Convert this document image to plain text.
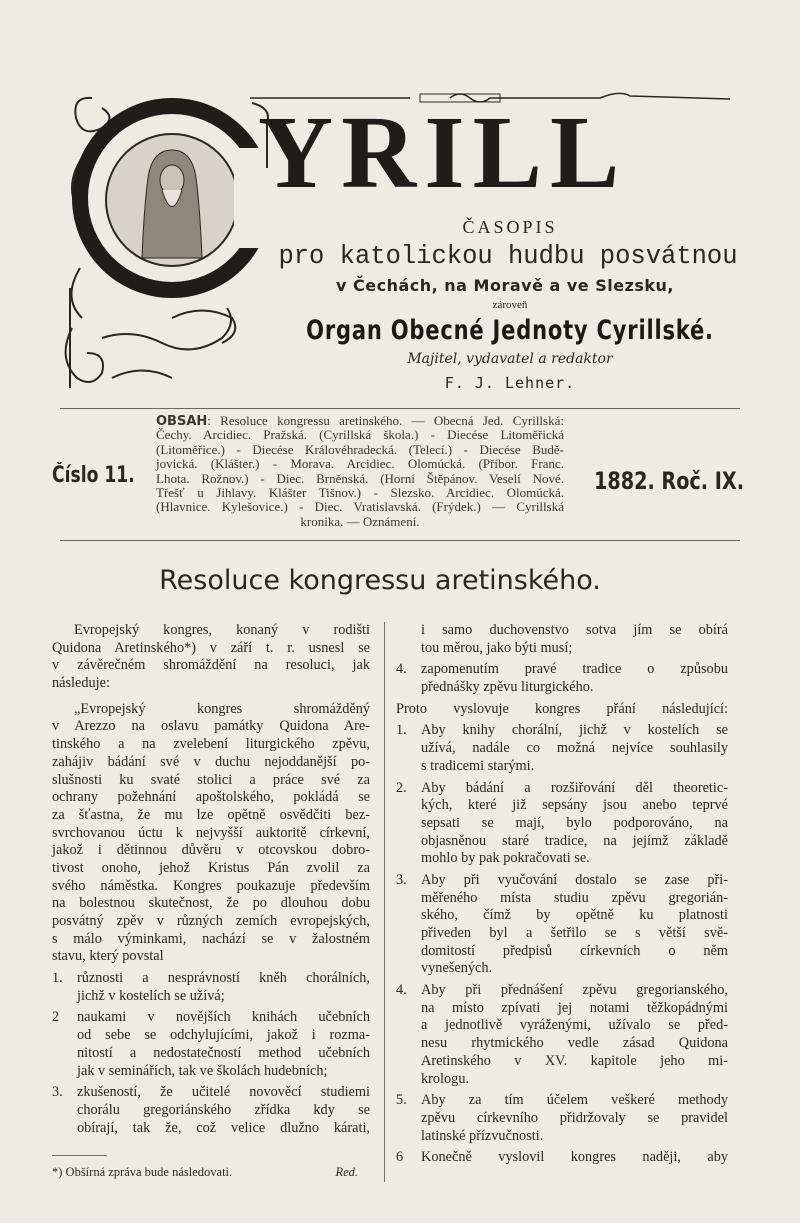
YRILL
ČASOPIS
pro katolickou hudbu posvátnou
v Čechách, na Moravě a ve Slezsku,
zároveň
Organ Obecné Jednoty Cyrillské.
Majitel, vydavatel a redaktor
F. J. Lehner.
Číslo 11.
OBSAH: Resoluce kongressu aretinského. — Obecná Jed. Cyrillská:
Čechy. Arcidiec. Pražská. (Cyrillská škola.) - Diecése Litoměřická
(Litoměřice.) - Diecése Královéhradecká. (Telecí.) - Diecése Budě-
jovická. (Klášter.) - Morava. Arcidiec. Olomúcká. (Příbor. Franc.
Lhota. Rožnov.) - Diec. Brněnská. (Horní Štěpánov. Veselí Nové.
Třešť u Jihlavy. Klášter Tišnov.) - Slezsko. Arcidiec. Olomúcká.
(Hlavnice. Kylešovice.) - Diec. Vratislavská. (Frýdek.) — Cyrillská
kronika. — Oznámení.
1882. Roč. IX.
Resoluce kongressu aretinského.
Evropejský kongres, konaný v rodišti
Quidona Aretinského*) v září t. r. usnesl se
v závěrečném shromáždění na resoluci, jak
následuje:
„Evropejský kongres shromážděný
v Arezzo na oslavu památky Quidona Are-
tinského a na zvelebení liturgického zpěvu,
zahájiv bádání své v duchu nejoddanější po-
slušnosti ku svaté stolici a práce své za
ochrany požehnání apoštolského, pokládá se
za šťastna, že mu lze opětně osvědčiti bez-
svrchovanou úctu k nejvyšší auktoritě církevní,
jakož i dětinnou důvěru v otcovskou dobro-
tivost onoho, jehož Kristus Pán zvolil za
svého náměstka. Kongres poukazuje především
na bolestnou skutečnost, že po dlouhou dobu
posvátný zpěv v různých zemích evropejských,
s málo výminkami, nachází se v žalostném
stavu, který povstal
1. různosti a nesprávností kněh chorálních,
jichž v kostelích se užívá;
2 naukami v novějších knihách učebních
od sebe se odchylujícími, jakož i rozma-
nitostí a nedostatečností method učebních
jak v seminářích, tak ve školách hudebních;
3. zkušeností, že učitelé novověcí studiemi
chorálu gregoriánského zřídka kdy se
obírají, tak že, což velice dlužno kárati,
i samo duchovenstvo sotva jím se obírá
tou měrou, jako býti musí;
4. zapomenutím pravé tradice o způsobu
přednášky zpěvu liturgického.
Proto vyslovuje kongres přání následující:
1. Aby knihy chorální, jichž v kostelích se
užívá, nadále co možná nejvíce souhlasily
s tradicemi starými.
2. Aby bádání a rozšiřování děl theoretic-
kých, které již sepsány jsou anebo teprvé
sepsati se mají, bylo podporováno, na
objasněnou staré tradice, na jejímž základě
mohlo by pak pokračovati se.
3. Aby při vyučování dostalo se zase při-
měřeného místa studiu zpěvu gregorián-
ského, čímž by opětně ku platnosti
přiveden byl a šetřilo se s větší svě-
domitostí předpisů církevních o něm
vynešených.
4. Aby při přednášení zpěvu gregorianského,
na místo zpívati jej notami těžkopádnými
a jednotlivě vyráženými, užívalo se před-
nesu rhytmického vedle zásad Quidona
Aretinského v XV. kapitole jeho mi-
krologu.
5. Aby za tím účelem veškeré methody
zpěvu církevního přidržovaly se pravidel
latinské přízvučnosti.
6 Konečně vyslovil kongres naději, aby
*) Obšírná zpráva bude následovati.	Red.
